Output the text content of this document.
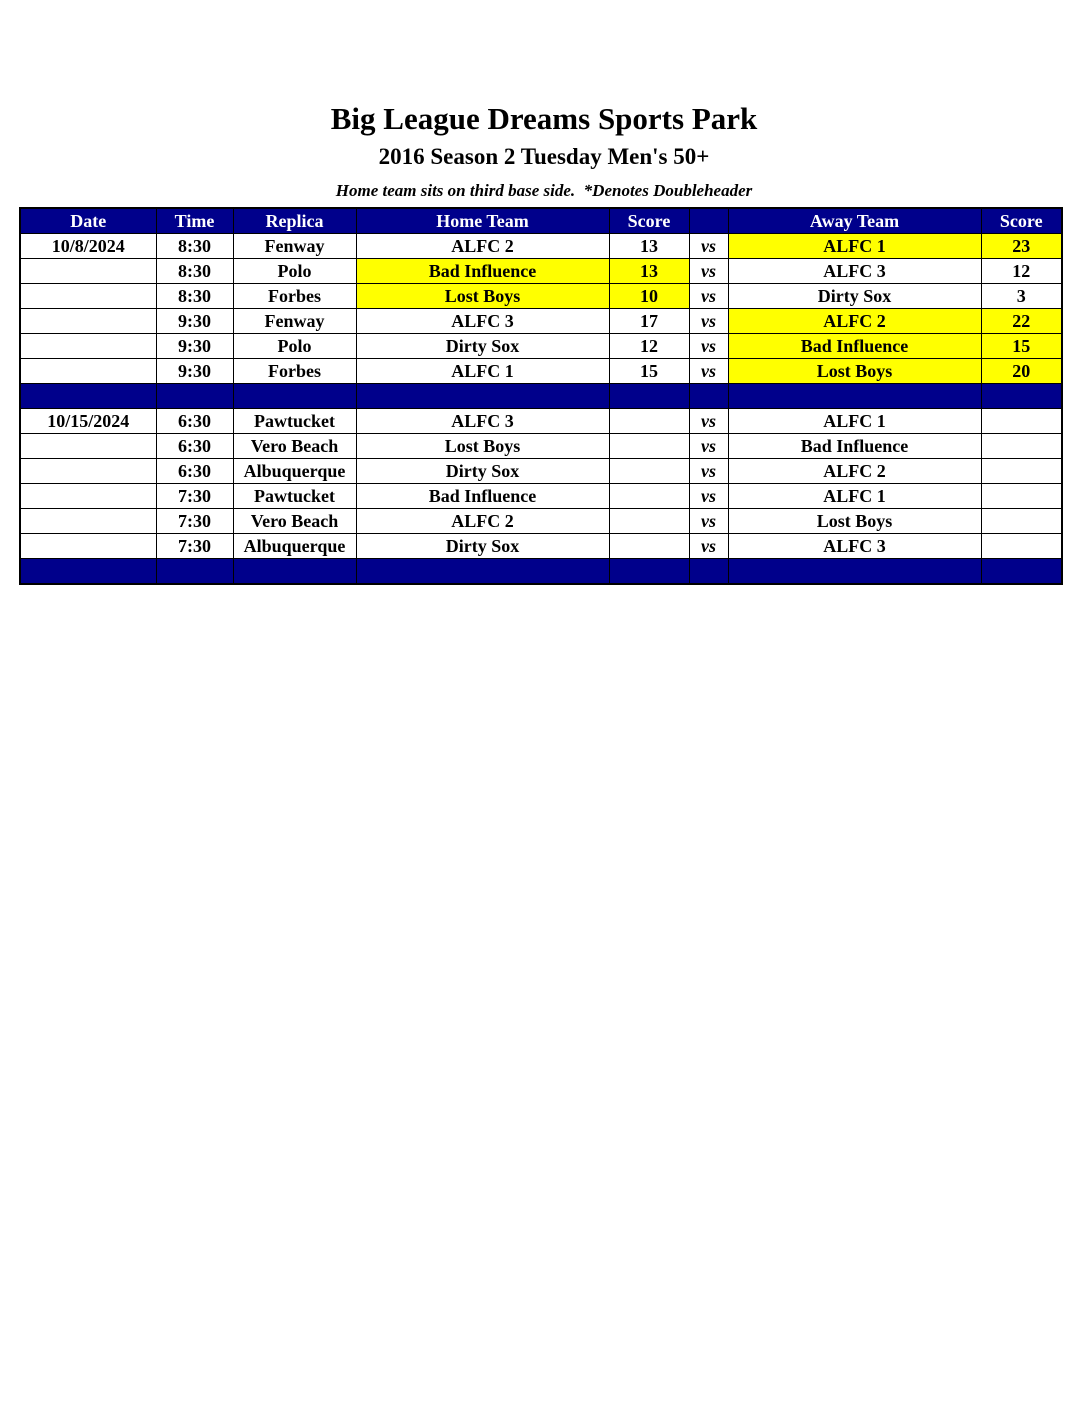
Big League Dreams Sports Park
2016 Season 2 Tuesday Men's 50+
Home team sits on third base side.  *Denotes Doubleheader
Date	Time	Replica	Home Team	Score		Away Team	Score
10/8/2024	8:30	Fenway	ALFC 2	13	vs	ALFC 1	23
	8:30	Polo	Bad Influence	13	vs	ALFC 3	12
	8:30	Forbes	Lost Boys	10	vs	Dirty Sox	3
	9:30	Fenway	ALFC 3	17	vs	ALFC 2	22
	9:30	Polo	Dirty Sox	12	vs	Bad Influence	15
	9:30	Forbes	ALFC 1	15	vs	Lost Boys	20

10/15/2024	6:30	Pawtucket	ALFC 3		vs	ALFC 1	
	6:30	Vero Beach	Lost Boys		vs	Bad Influence	
	6:30	Albuquerque	Dirty Sox		vs	ALFC 2	
	7:30	Pawtucket	Bad Influence		vs	ALFC 1	
	7:30	Vero Beach	ALFC 2		vs	Lost Boys	
	7:30	Albuquerque	Dirty Sox		vs	ALFC 3	
